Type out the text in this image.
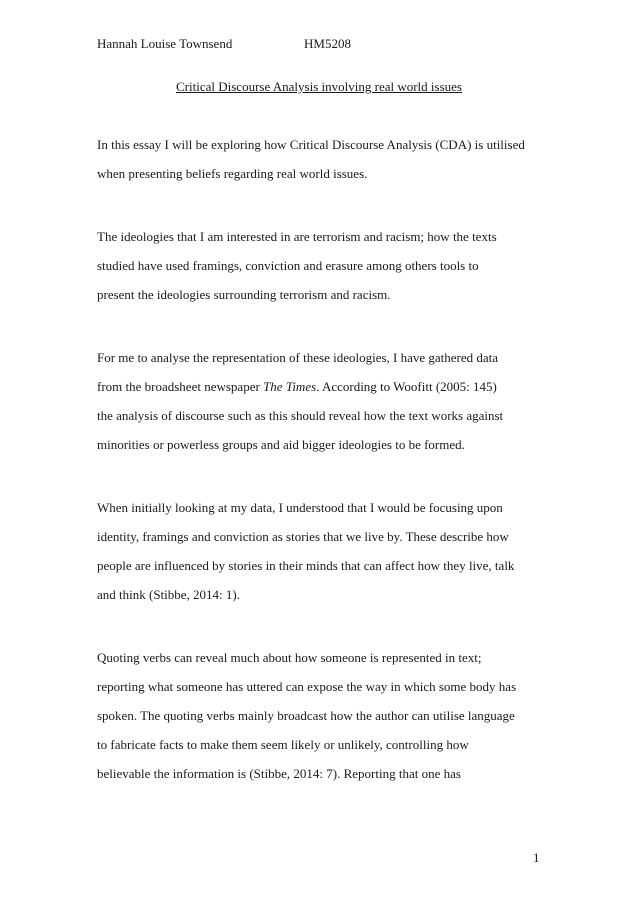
Hannah Louise Townsend	HM5208
Critical Discourse Analysis involving real world issues
In this essay I will be exploring how Critical Discourse Analysis (CDA) is utilised
when presenting beliefs regarding real world issues.
The ideologies that I am interested in are terrorism and racism; how the texts
studied have used framings, conviction and erasure among others tools to
present the ideologies surrounding terrorism and racism.
For me to analyse the representation of these ideologies, I have gathered data
from the broadsheet newspaper The Times. According to Woofitt (2005: 145)
the analysis of discourse such as this should reveal how the text works against
minorities or powerless groups and aid bigger ideologies to be formed.
When initially looking at my data, I understood that I would be focusing upon
identity, framings and conviction as stories that we live by. These describe how
people are influenced by stories in their minds that can affect how they live, talk
and think (Stibbe, 2014: 1).
Quoting verbs can reveal much about how someone is represented in text;
reporting what someone has uttered can expose the way in which some body has
spoken. The quoting verbs mainly broadcast how the author can utilise language
to fabricate facts to make them seem likely or unlikely, controlling how
believable the information is (Stibbe, 2014: 7). Reporting that one has
1
